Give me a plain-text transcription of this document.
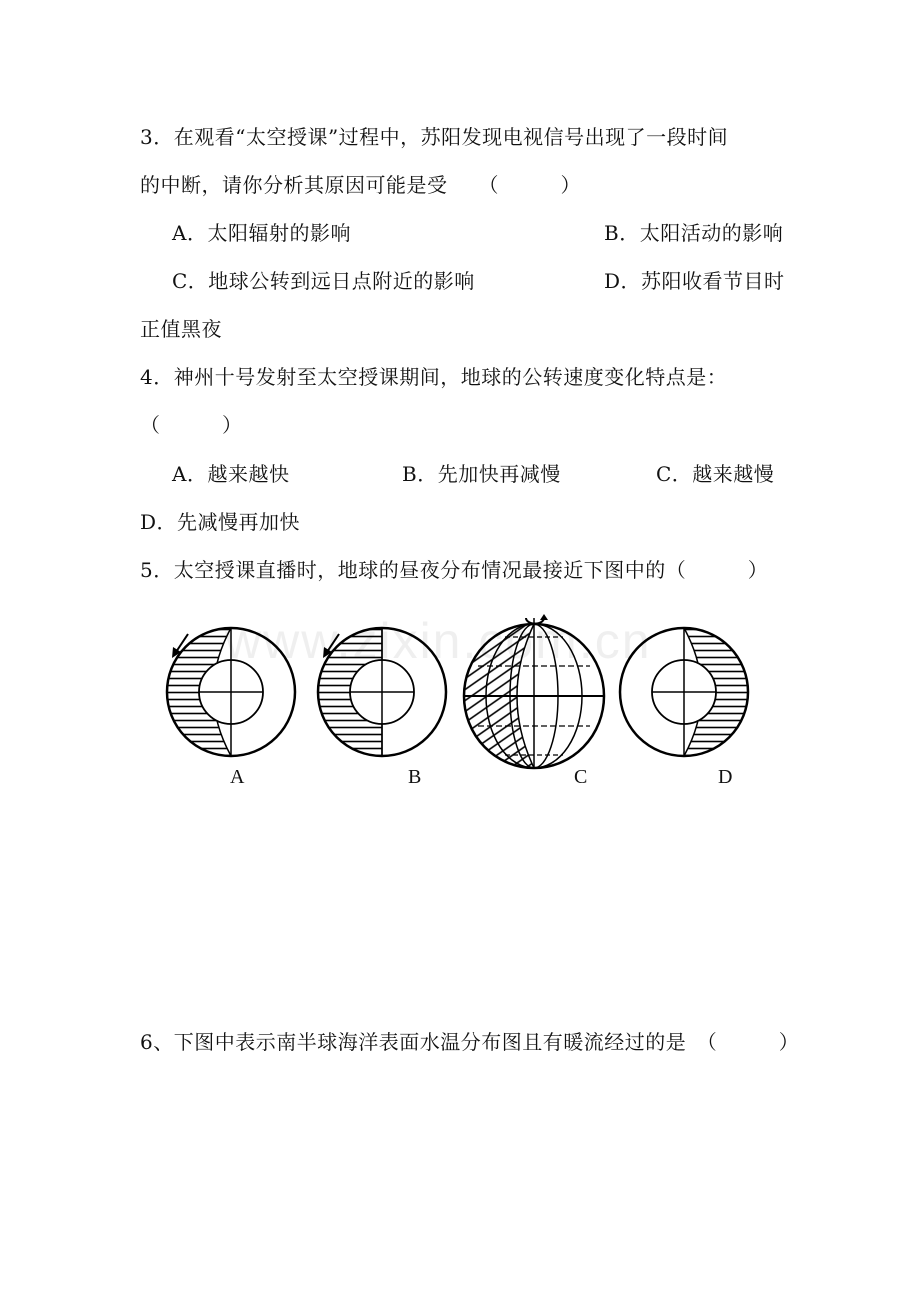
3．在观看“太空授课”过程中，苏阳发现电视信号出现了一段时间
的中断，请你分析其原因可能是受　　（　　　）
A．太阳辐射的影响	B．太阳活动的影响
C．地球公转到远日点附近的影响	D．苏阳收看节目时
正值黑夜
4．神州十号发射至太空授课期间，地球的公转速度变化特点是：
（　　　）
A．越来越快	B．先加快再减慢	C．越来越慢
D．先减慢再加快
5．太空授课直播时，地球的昼夜分布情况最接近下图中的（　　　）
www.zixin.com.cn
A	B	C	D
6、下图中表示南半球海洋表面水温分布图且有暖流经过的是　（　　　）
